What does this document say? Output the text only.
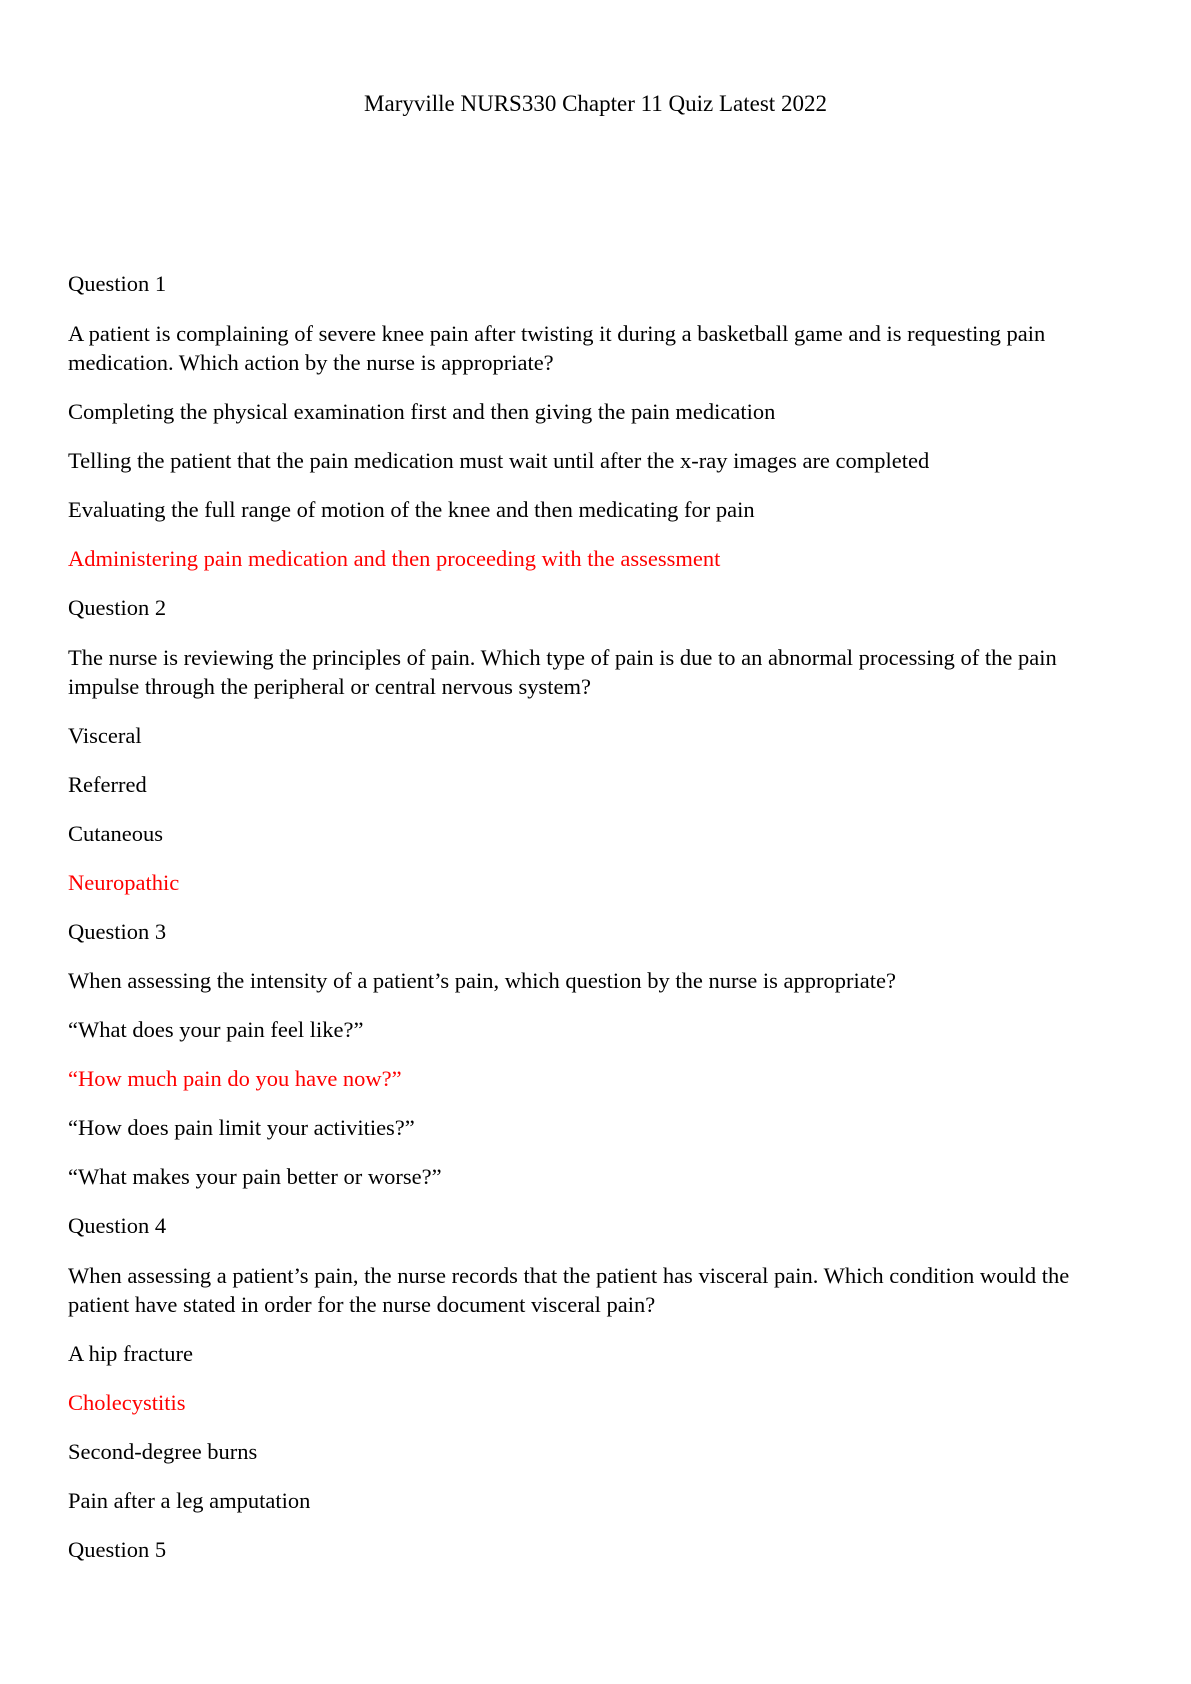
Maryville NURS330 Chapter 11 Quiz Latest 2022
Question 1
A patient is complaining of severe knee pain after twisting it during a basketball game and is requesting pain medication. Which action by the nurse is appropriate?
Completing the physical examination first and then giving the pain medication
Telling the patient that the pain medication must wait until after the x-ray images are completed
Evaluating the full range of motion of the knee and then medicating for pain
Administering pain medication and then proceeding with the assessment
Question 2
The nurse is reviewing the principles of pain. Which type of pain is due to an abnormal processing of the pain impulse through the peripheral or central nervous system?
Visceral
Referred
Cutaneous
Neuropathic
Question 3
When assessing the intensity of a patient’s pain, which question by the nurse is appropriate?
“What does your pain feel like?”
“How much pain do you have now?”
“How does pain limit your activities?”
“What makes your pain better or worse?”
Question 4
When assessing a patient’s pain, the nurse records that the patient has visceral pain. Which condition would the patient have stated in order for the nurse document visceral pain?
A hip fracture
Cholecystitis
Second-degree burns
Pain after a leg amputation
Question 5
